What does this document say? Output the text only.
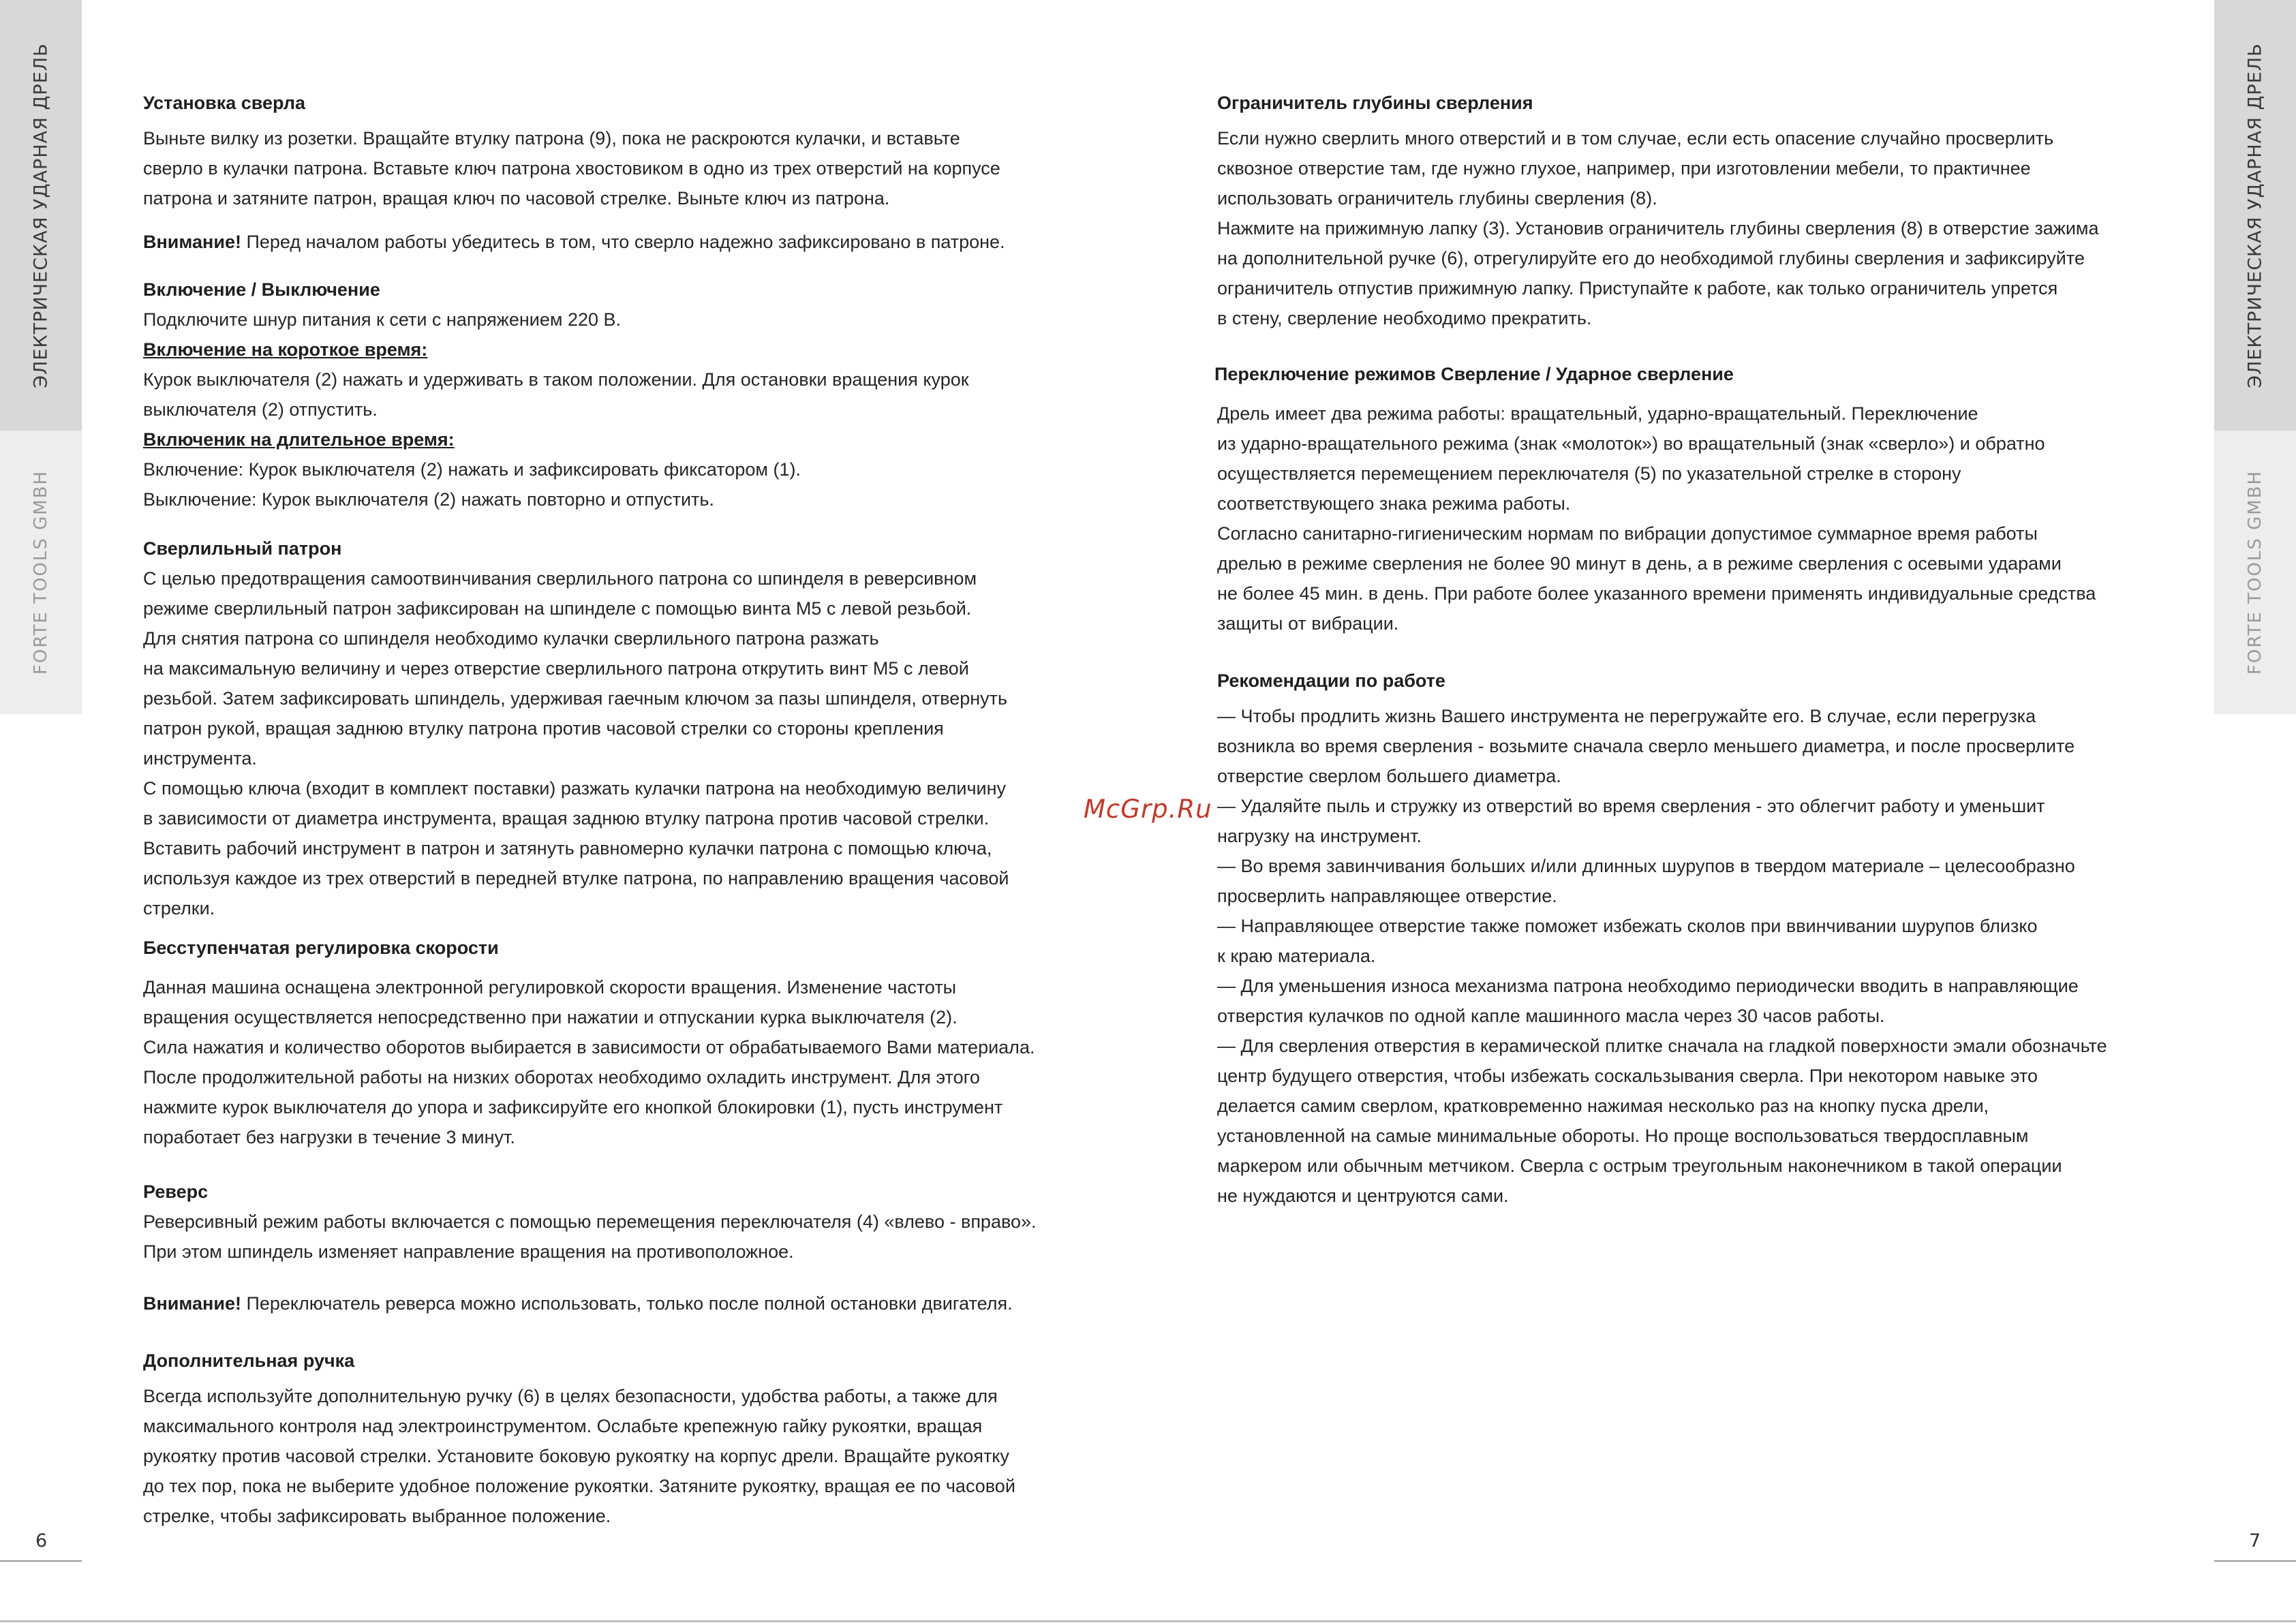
ЭЛЕКТРИЧЕСКАЯ УДАРНАЯ ДРЕЛЬ
FORTE TOOLS GMBH
6
ЭЛЕКТРИЧЕСКАЯ УДАРНАЯ ДРЕЛЬ
FORTE TOOLS GMBH
7
Установка сверла

Выньте вилку из розетки. Вращайте втулку патрона (9), пока не раскроются кулачки, и вставьте

сверло в кулачки патрона. Вставьте ключ патрона хвостовиком в одно из трех отверстий на корпусе

патрона и затяните патрон, вращая ключ по часовой стрелке. Выньте ключ из патрона.

Внимание! Перед началом работы убедитесь в том, что сверло надежно зафиксировано в патроне.

Включение / Выключение

Подключите шнур питания к сети с напряжением 220 В.

Включение на короткое время:

Курок выключателя (2) нажать и удерживать в таком положении. Для остановки вращения курок

выключателя (2) отпустить.

Включеник на длительное время:

Включение: Курок выключателя (2) нажать и зафиксировать фиксатором (1).

Выключение: Курок выключателя (2) нажать повторно и отпустить.

Сверлильный патрон

С целью предотвращения самоотвинчивания сверлильного патрона со шпинделя в реверсивном

режиме сверлильный патрон зафиксирован на шпинделе с помощью винта М5 с левой резьбой.

Для снятия патрона со шпинделя необходимо кулачки сверлильного патрона разжать

на максимальную величину и через отверстие сверлильного патрона открутить винт М5 с левой

резьбой. Затем зафиксировать шпиндель, удерживая гаечным ключом за пазы шпинделя, отвернуть

патрон рукой, вращая заднюю втулку патрона против часовой стрелки со стороны крепления

инструмента.

С помощью ключа (входит в комплект поставки) разжать кулачки патрона на необходимую величину

в зависимости от диаметра инструмента, вращая заднюю втулку патрона против часовой стрелки.

Вставить рабочий инструмент в патрон и затянуть равномерно кулачки патрона с помощью ключа,

используя каждое из трех отверстий в передней втулке патрона, по направлению вращения часовой

стрелки.

Бесступенчатая регулировка скорости

Данная машина оснащена электронной регулировкой скорости вращения. Изменение частоты

вращения осуществляется непосредственно при нажатии и отпускании курка выключателя (2).

Сила нажатия и количество оборотов выбирается в зависимости от обрабатываемого Вами материала.

После продолжительной работы на низких оборотах необходимо охладить инструмент. Для этого

нажмите курок выключателя до упора и зафиксируйте его кнопкой блокировки (1), пусть инструмент

поработает без нагрузки в течение 3 минут.

Реверс

Реверсивный режим работы включается с помощью перемещения переключателя (4) «влево - вправо».

При этом шпиндель изменяет направление вращения на противоположное.

Внимание! Переключатель реверса можно использовать, только после полной остановки двигателя.

Дополнительная ручка

Всегда используйте дополнительную ручку (6) в целях безопасности, удобства работы, а также для

максимального контроля над электроинструментом. Ослабьте крепежную гайку рукоятки, вращая

рукоятку против часовой стрелки. Установите боковую рукоятку на корпус дрели. Вращайте рукоятку

до тех пор, пока не выберите удобное положение рукоятки. Затяните рукоятку, вращая ее по часовой

стрелке, чтобы зафиксировать выбранное положение.

Ограничитель глубины сверления

Если нужно сверлить много отверстий и в том случае, если есть опасение случайно просверлить

сквозное отверстие там, где нужно глухое, например, при изготовлении мебели, то практичнее

использовать ограничитель глубины сверления (8).

Нажмите на прижимную лапку (3). Установив ограничитель глубины сверления (8) в отверстие зажима

на дополнительной ручке (6), отрегулируйте его до необходимой глубины сверления и зафиксируйте

ограничитель отпустив прижимную лапку. Приступайте к работе, как только ограничитель упрется

в стену, сверление необходимо прекратить.

Переключение режимов Сверление / Ударное сверление

Дрель имеет два режима работы: вращательный, ударно-вращательный. Переключение

из ударно-вращательного режима (знак «молоток») во вращательный (знак «сверло») и обратно

осуществляется перемещением переключателя (5) по указательной стрелке в сторону

соответствующего знака режима работы.

Согласно санитарно-гигиеническим нормам по вибрации допустимое суммарное время работы

дрелью в режиме сверления не более 90 минут в день, а в режиме сверления с осевыми ударами

не более 45 мин. в день. При работе более указанного времени применять индивидуальные средства

защиты от вибрации.

Рекомендации по работе

— Чтобы продлить жизнь Вашего инструмента не перегружайте его. В случае, если перегрузка

возникла во время сверления - возьмите сначала сверло меньшего диаметра, и после просверлите

отверстие сверлом большего диаметра.

— Удаляйте пыль и стружку из отверстий во время сверления - это облегчит работу и уменьшит

нагрузку на инструмент.

— Во время завинчивания больших и/или длинных шурупов в твердом материале – целесообразно

просверлить направляющее отверстие.

— Направляющее отверстие также поможет избежать сколов при ввинчивании шурупов близко

к краю материала.

— Для уменьшения износа механизма патрона необходимо периодически вводить в направляющие

отверстия кулачков по одной капле машинного масла через 30 часов работы.

— Для сверления отверстия в керамической плитке сначала на гладкой поверхности эмали обозначьте

центр будущего отверстия, чтобы избежать соскальзывания сверла. При некотором навыке это

делается самим сверлом, кратковременно нажимая несколько раз на кнопку пуска дрели,

установленной на самые минимальные обороты. Но проще воспользоваться твердосплавным

маркером или обычным метчиком. Сверла с острым треугольным наконечником в такой операции

не нуждаются и центруются сами.

McGrp.Ru
